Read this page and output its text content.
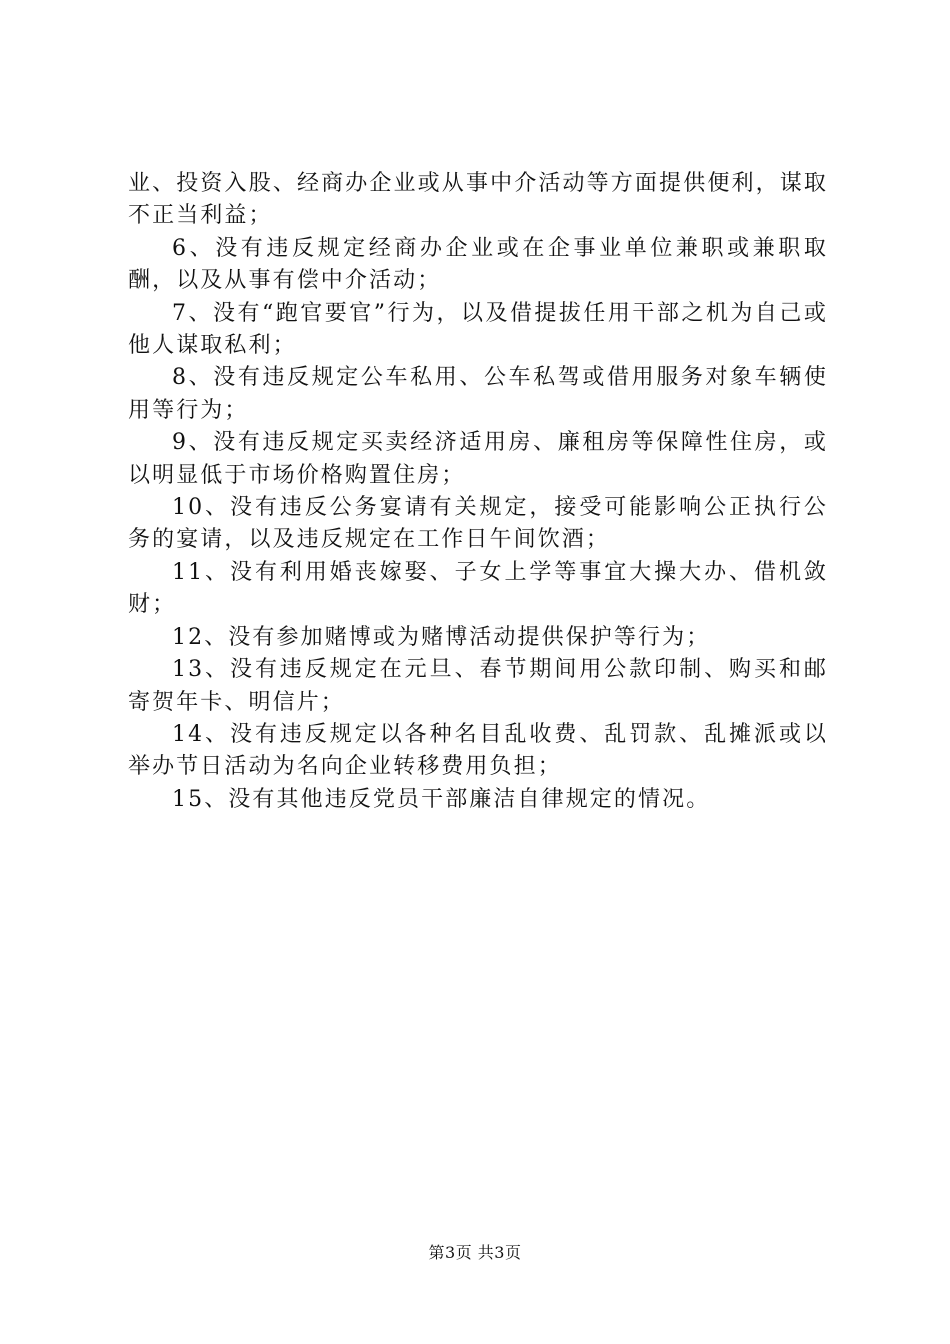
业、投资入股、经商办企业或从事中介活动等方面提供便利，谋取不正当利益；

6、没有违反规定经商办企业或在企事业单位兼职或兼职取酬，以及从事有偿中介活动；

7、没有“跑官要官”行为，以及借提拔任用干部之机为自己或他人谋取私利；

8、没有违反规定公车私用、公车私驾或借用服务对象车辆使用等行为；

9、没有违反规定买卖经济适用房、廉租房等保障性住房，或以明显低于市场价格购置住房；

10、没有违反公务宴请有关规定，接受可能影响公正执行公务的宴请，以及违反规定在工作日午间饮酒；

11、没有利用婚丧嫁娶、子女上学等事宜大操大办、借机敛财；

12、没有参加赌博或为赌博活动提供保护等行为；

13、没有违反规定在元旦、春节期间用公款印制、购买和邮寄贺年卡、明信片；

14、没有违反规定以各种名目乱收费、乱罚款、乱摊派或以举办节日活动为名向企业转移费用负担；

15、没有其他违反党员干部廉洁自律规定的情况。

第3页 共3页
